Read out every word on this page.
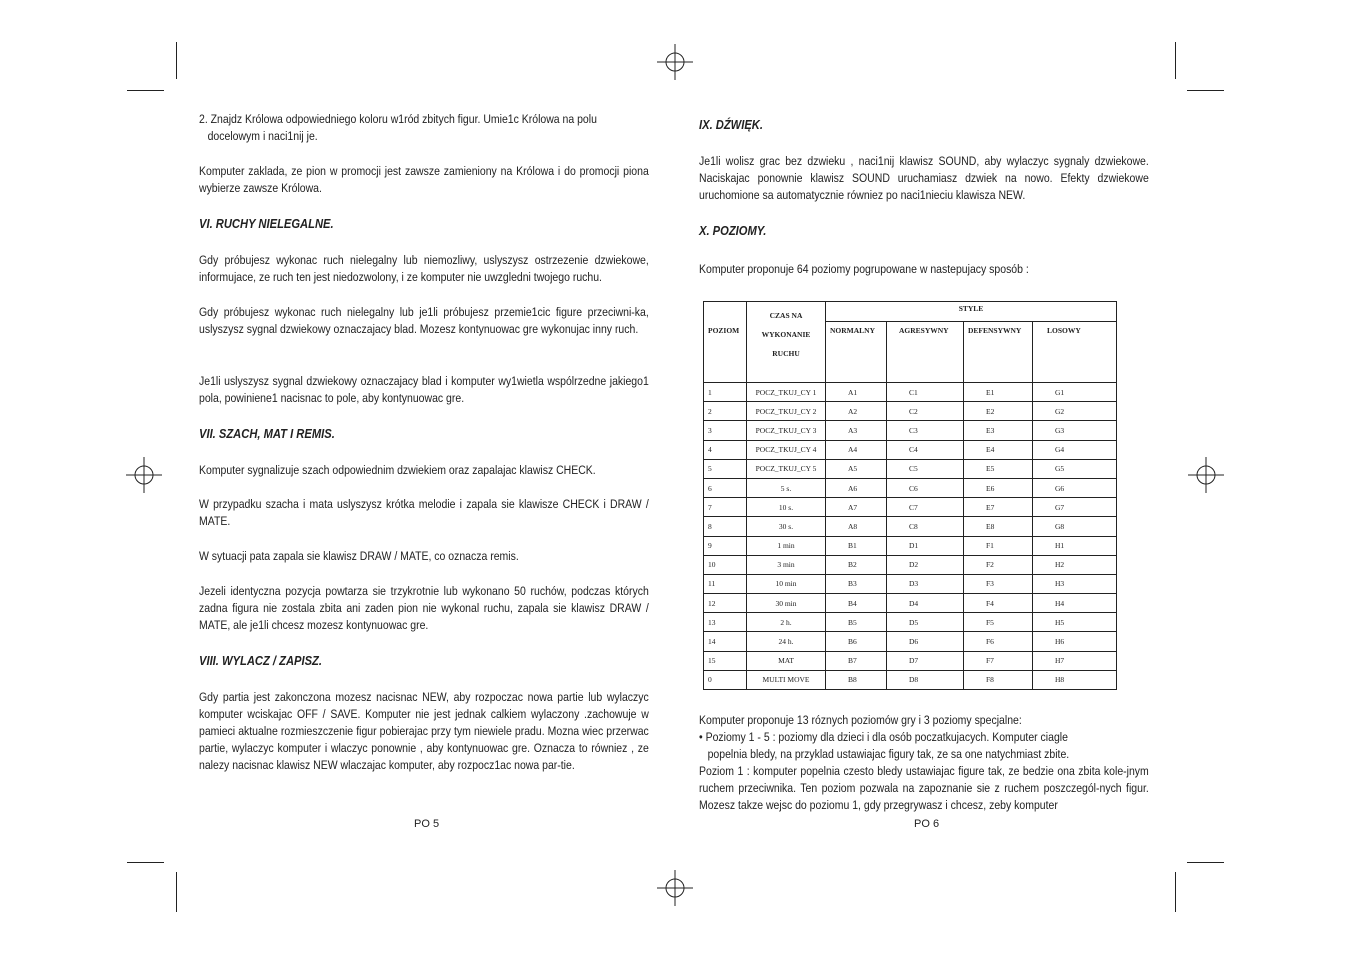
2. Znajdz Królowa odpowiedniego koloru w1ród zbitych figur. Umie1c Królowa na polu

docelowym i naci1nij je.

Komputer zaklada, ze pion w promocji jest zawsze zamieniony na Królowa i do promocji piona wybierze zawsze Królowa.
VI. RUCHY NIELEGALNE.
Gdy próbujesz wykonac ruch nielegalny lub niemozliwy, uslyszysz ostrzezenie dzwiekowe, informujace, ze ruch ten jest niedozwolony, i ze komputer nie uwzgledni twojego ruchu.
Gdy próbujesz wykonac ruch nielegalny lub je1li próbujesz przemie1cic figure przeciwni-ka, uslyszysz sygnal dzwiekowy oznaczajacy blad. Mozesz kontynuowac gre wykonujac inny ruch.
Je1li uslyszysz sygnal dzwiekowy oznaczajacy blad i komputer wy1wietla wspólrzedne jakiego1 pola, powiniene1 nacisnac to pole, aby kontynuowac gre.
VII. SZACH, MAT I REMIS.
Komputer sygnalizuje szach odpowiednim dzwiekiem oraz zapalajac klawisz CHECK.
W przypadku szacha i mata uslyszysz krótka melodie i zapala sie klawisze CHECK i DRAW / MATE.
W sytuacji pata zapala sie klawisz DRAW / MATE, co oznacza remis.
Jezeli identyczna pozycja powtarza sie trzykrotnie lub wykonano 50 ruchów, podczas których zadna figura nie zostala zbita ani zaden pion nie wykonal ruchu, zapala sie klawisz DRAW / MATE, ale je1li chcesz mozesz kontynuowac gre.
VIII. WYLACZ / ZAPISZ.
Gdy partia jest zakonczona mozesz nacisnac NEW, aby rozpoczac nowa partie lub wylaczyc komputer wciskajac OFF / SAVE. Komputer nie jest jednak calkiem wylaczony .zachowuje w pamieci aktualne rozmieszczenie figur pobierajac przy tym niewiele pradu. Mozna wiec przerwac partie, wylaczyc komputer i wlaczyc ponownie , aby kontynuowac gre. Oznacza to równiez , ze nalezy nacisnac klawisz NEW wlaczajac komputer, aby rozpocz1ac nowa par-tie.
PO 5
IX. DŹWIĘK.
Je1li wolisz grac bez dzwieku , naci1nij klawisz SOUND, aby wylaczyc sygnaly dzwiekowe. Naciskajac ponownie klawisz SOUND uruchamiasz dzwiek na nowo. Efekty dzwiekowe uruchomione sa automatycznie równiez po naci1nieciu klawisza NEW.
X. POZIOMY.
Komputer proponuje 64 poziomy pogrupowane w nastepujacy sposób :
POZIOM	CZAS NA
WYKONANIE
RUCHU	STYLE			
		NORMALNY	AGRESYWNY	DEFENSYWNY	LOSOWY
1	POCZ_TKUJ_CY 1	A1	C1	E1	G1
2	POCZ_TKUJ_CY 2	A2	C2	E2	G2
3	POCZ_TKUJ_CY 3	A3	C3	E3	G3
4	POCZ_TKUJ_CY 4	A4	C4	E4	G4
5	POCZ_TKUJ_CY 5	A5	C5	E5	G5
6	5 s.	A6	C6	E6	G6
7	10 s.	A7	C7	E7	G7
8	30 s.	A8	C8	E8	G8
9	1 min	B1	D1	F1	H1
10	3 min	B2	D2	F2	H2
11	10 min	B3	D3	F3	H3
12	30 min	B4	D4	F4	H4
13	2 h.	B5	D5	F5	H5
14	24 h.	B6	D6	F6	H6
15	MAT	B7	D7	F7	H7
0	MULTI MOVE	B8	D8	F8	H8
Komputer proponuje 13 róznych poziomów gry i 3 poziomy specjalne:

• Poziomy 1 - 5 : poziomy dla dzieci i dla osób poczatkujacych. Komputer ciagle

popelnia bledy, na przyklad ustawiajac figury tak, ze sa one natychmiast zbite.

Poziom 1 : komputer popelnia czesto bledy ustawiajac figure tak, ze bedzie ona zbita kole-jnym ruchem przeciwnika. Ten poziom pozwala na zapoznanie sie z ruchem poszczegól-nych figur. Mozesz takze wejsc do poziomu 1, gdy przegrywasz i chcesz, zeby komputer
PO 6
